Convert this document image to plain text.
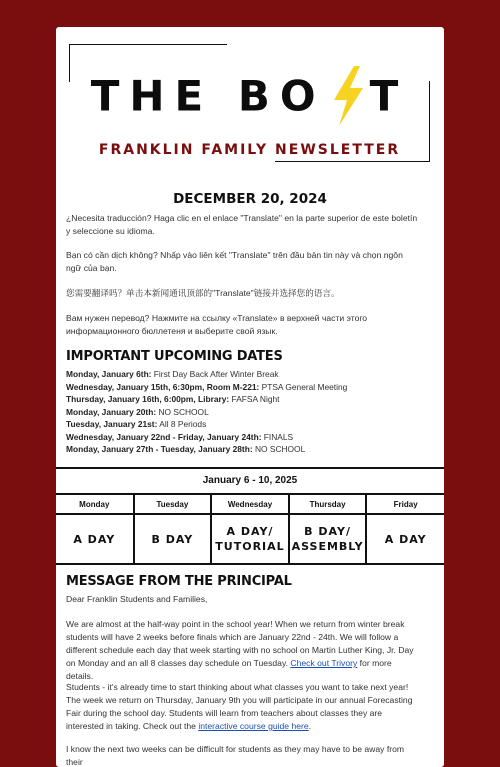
THE BO T
FRANKLIN FAMILY NEWSLETTER
DECEMBER 20, 2024
¿Necesita traducción? Haga clic en el enlace "Translate" en la parte superior de este boletín y seleccione su idioma.
Bạn có cần dịch không? Nhấp vào liên kết "Translate" trên đầu bản tin này và chọn ngôn ngữ của bạn.
您需要翻译吗？单击本新闻通讯顶部的"Translate"链接并选择您的语言。
Вам нужен перевод? Нажмите на ссылку «Translate» в верхней части этого информационного бюллетеня и выберите свой язык.
IMPORTANT UPCOMING DATES
Monday, January 6th: First Day Back After Winter Break
Wednesday, January 15th, 6:30pm, Room M-221: PTSA General Meeting
Thursday, January 16th, 6:00pm, Library: FAFSA Night
Monday, January 20th: NO SCHOOL
Tuesday, January 21st: All 8 Periods
Wednesday, January 22nd - Friday, January 24th: FINALS
Monday, January 27th - Tuesday, January 28th: NO SCHOOL
January 6 - 10, 2025
Monday	Tuesday	Wednesday	Thursday	Friday
A DAY	B DAY	A DAY/ TUTORIAL	B DAY/ ASSEMBLY	A DAY
MESSAGE FROM THE PRINCIPAL
Dear Franklin Students and Families,
We are almost at the half-way point in the school year! When we return from winter break students will have 2 weeks before finals which are January 22nd - 24th. We will follow a different schedule each day that week starting with no school on Martin Luther King, Jr. Day on Monday and an all 8 classes day schedule on Tuesday. Check out Trivory for more details.
Students - it's already time to start thinking about what classes you want to take next year! The week we return on Thursday, January 9th you will participate in our annual Forecasting Fair during the school day. Students will learn from teachers about classes they are interested in taking. Check out the interactive course guide here.
I know the next two weeks can be difficult for students as they may have to be away from their
